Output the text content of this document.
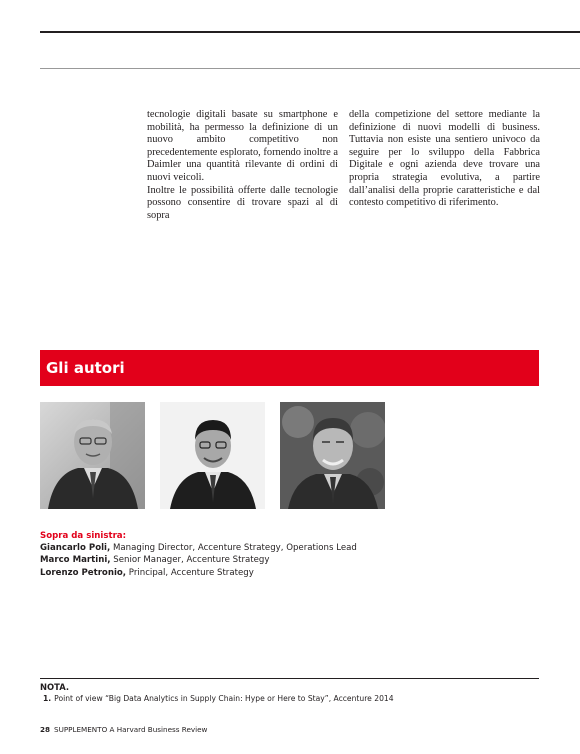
tecnologie digitali basate su smartphone e mobilità, ha permesso la definizione di un nuovo ambito competitivo non precedentemente esplorato, fornendo inoltre a Daimler una quantità rilevante di ordini di nuovi veicoli.

Inoltre le possibilità offerte dalle tecnologie possono consentire di trovare spazi al di sopra

della competizione del settore mediante la definizione di nuovi modelli di business. Tuttavia non esiste una sentiero univoco da seguire per lo sviluppo della Fabbrica Digitale e ogni azienda deve trovare una propria strategia evolutiva, a partire dall’analisi della proprie caratteristiche e dal contesto competitivo di riferimento.

Gli autori
Sopra da sinistra:
Giancarlo Poli, Managing Director, Accenture Strategy, Operations Lead
Marco Martini, Senior Manager, Accenture Strategy
Lorenzo Petronio, Principal, Accenture Strategy
NOTA.
1. Point of view “Big Data Analytics in Supply Chain: Hype or Here to Stay”, Accenture 2014
28 SUPPLEMENTO A Harvard Business Review
